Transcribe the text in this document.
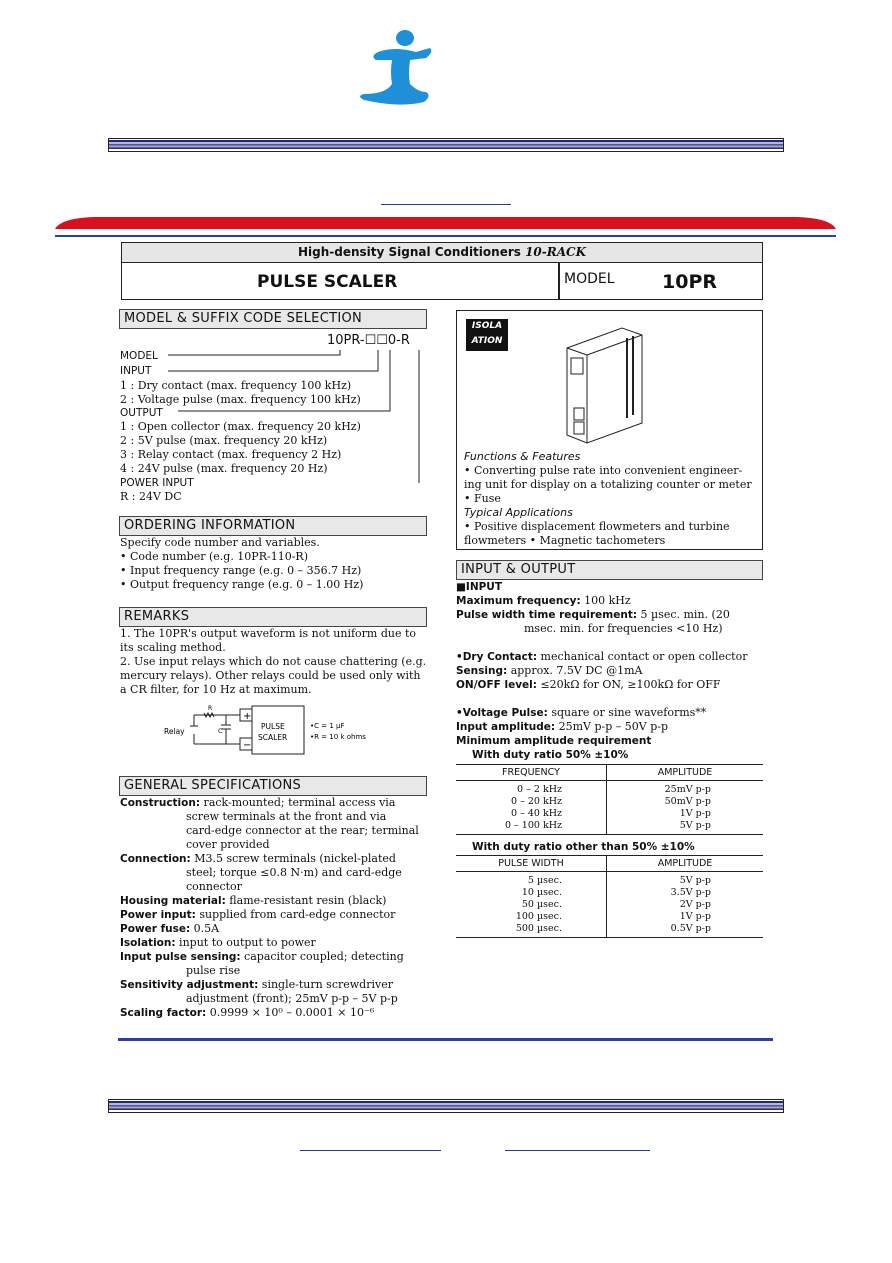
High-density Signal Conditioners 10-RACK
PULSE SCALER	MODEL 10PR
MODEL & SUFFIX CODE SELECTION
10PR-☐☐0-R
MODEL
INPUT
1 : Dry contact (max. frequency 100 kHz)
2 : Voltage pulse (max. frequency 100 kHz)
OUTPUT
1 : Open collector (max. frequency 20 kHz)
2 : 5V pulse (max. frequency 20 kHz)
3 : Relay contact (max. frequency 2 Hz)
4 : 24V pulse (max. frequency 20 Hz)
POWER INPUT
R : 24V DC
ORDERING INFORMATION
Specify code number and variables.
• Code number (e.g. 10PR-110-R)
• Input frequency range (e.g. 0 – 356.7 Hz)
• Output frequency range (e.g. 0 – 1.00 Hz)
REMARKS
1. The 10PR's output waveform is not uniform due to
its scaling method.
2. Use input relays which do not cause chattering (e.g.
mercury relays). Other relays could be used only with
a CR filter, for 10 Hz at maximum.
+
−
Relay
R
C	PULSE
SCALER
•C = 1 µF
•R = 10 k ohms
GENERAL SPECIFICATIONS
Construction: rack-mounted; terminal access via
screw terminals at the front and via
card-edge connector at the rear; terminal
cover provided
Connection: M3.5 screw terminals (nickel-plated
steel; torque ≤0.8 N·m) and card-edge
connector
Housing material: flame-resistant resin (black)
Power input: supplied from card-edge connector
Power fuse: 0.5A
Isolation: input to output to power
Input pulse sensing: capacitor coupled; detecting
pulse rise
Sensitivity adjustment: single-turn screwdriver
adjustment (front); 25mV p-p – 5V p-p
Scaling factor: 0.9999 × 10⁰ – 0.0001 × 10⁻⁶
ISOLA
ATION
Functions & Features
• Converting pulse rate into convenient engineer-
ing unit for display on a totalizing counter or meter
• Fuse
Typical Applications
• Positive displacement flowmeters and turbine
flowmeters • Magnetic tachometers
INPUT & OUTPUT
■INPUT
Maximum frequency: 100 kHz
Pulse width time requirement: 5 µsec. min. (20
msec. min. for frequencies <10 Hz)
•Dry Contact: mechanical contact or open collector
Sensing: approx. 7.5V DC @1mA
ON/OFF level: ≤20kΩ for ON, ≥100kΩ for OFF
•Voltage Pulse: square or sine waveforms**
Input amplitude: 25mV p-p – 50V p-p
Minimum amplitude requirement
With duty ratio 50% ±10%
FREQUENCY	AMPLITUDE
0 – 2 kHz	25mV p-p
0 – 20 kHz	50mV p-p
0 – 40 kHz	1V p-p
0 – 100 kHz	5V p-p
With duty ratio other than 50% ±10%
PULSE WIDTH	AMPLITUDE
5 µsec.	5V p-p
10 µsec.	3.5V p-p
50 µsec.	2V p-p
100 µsec.	1V p-p
500 µsec.	0.5V p-p
